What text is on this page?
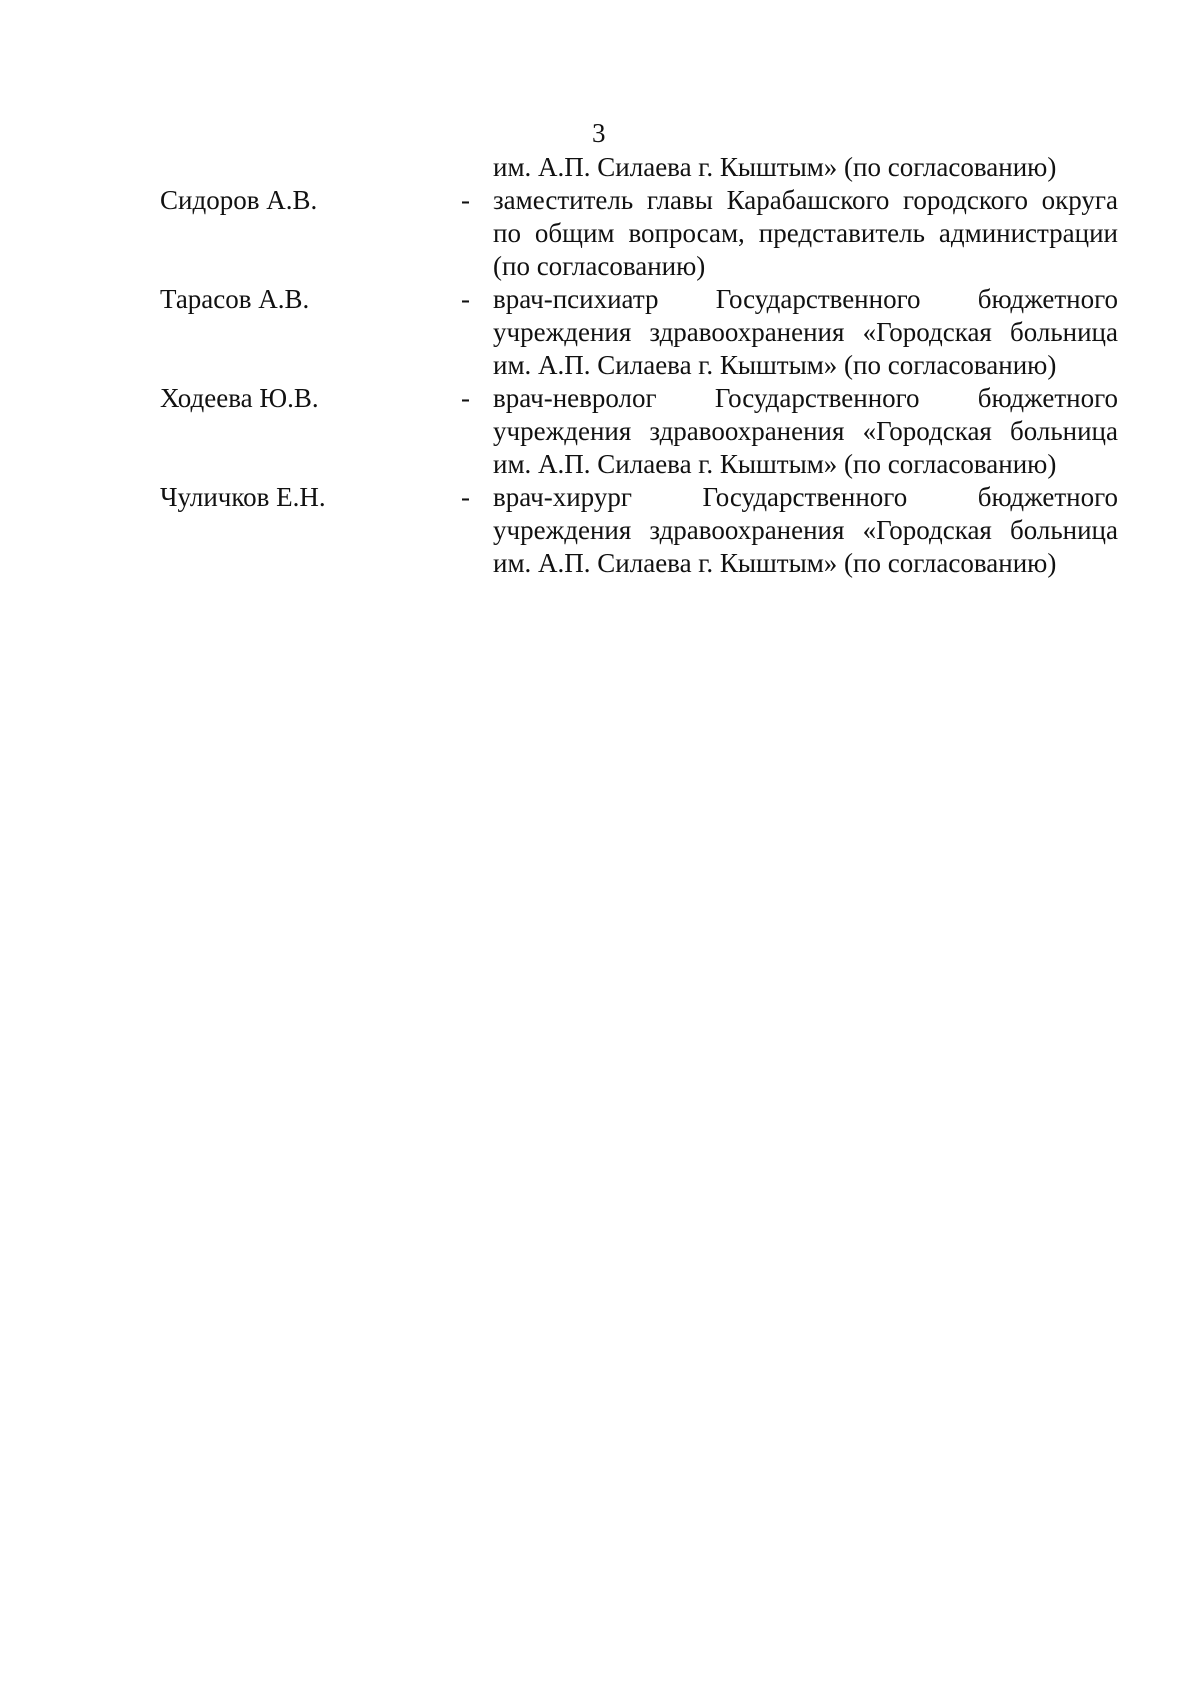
3
им. А.П. Силаева г. Кыштым» (по согласованию)
Сидоров А.В.	- заместитель главы Карабашского городского округа
по общим вопросам, представитель администрации
(по согласованию)
Тарасов А.В.	- врач-психиатр Государственного бюджетного
учреждения здравоохранения «Городская больница
им. А.П. Силаева г. Кыштым» (по согласованию)
Ходеева Ю.В.	- врач-невролог Государственного бюджетного
учреждения здравоохранения «Городская больница
им. А.П. Силаева г. Кыштым» (по согласованию)
Чуличков Е.Н.	- врач-хирург Государственного бюджетного
учреждения здравоохранения «Городская больница
им. А.П. Силаева г. Кыштым» (по согласованию)
